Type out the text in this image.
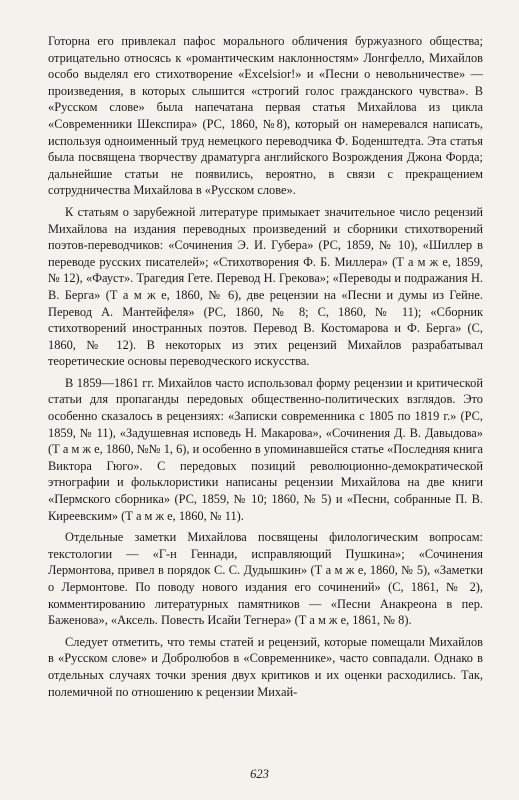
Готорна его привлекал пафос морального обличения буржуазного общества; отрицательно относясь к «романтическим наклонностям» Лонгфелло, Михайлов особо выделял его стихотворение «Excelsior!» и «Песни о невольничестве» — произведения, в которых слышится «строгий голос гражданского чувства». В «Русском слове» была напечатана первая статья Михайлова из цикла «Современники Шекспира» (РС, 1860, №8), который он намеревался написать, используя одноименный труд немецкого переводчика Ф. Боденштедта. Эта статья была посвящена творчеству драматурга английского Возрождения Джона Форда; дальнейшие статьи не появились, вероятно, в связи с прекращением сотрудничества Михайлова в «Русском слове».

К статьям о зарубежной литературе примыкает значительное число рецензий Михайлова на издания переводных произведений и сборники стихотворений поэтов-переводчиков: «Сочинения Э. И. Губера» (РС, 1859, № 10), «Шиллер в переводе русских писателей»; «Стихотворения Ф. Б. Миллера» (Т а м ж е, 1859, № 12), «Фауст». Трагедия Гете. Перевод Н. Грекова»; «Переводы и подражания Н. В. Берга» (Т а м ж е, 1860, № 6), две рецензии на «Песни и думы из Гейне. Перевод А. Мантейфеля» (РС, 1860, № 8; С, 1860, № 11); «Сборник стихотворений иностранных поэтов. Перевод В. Костомарова и Ф. Берга» (С, 1860, № 12). В некоторых из этих рецензий Михайлов разрабатывал теоретические основы переводческого искусства.

В 1859—1861 гг. Михайлов часто использовал форму рецензии и критической статьи для пропаганды передовых общественно-политических взглядов. Это особенно сказалось в рецензиях: «Записки современника с 1805 по 1819 г.» (РС, 1859, № 11), «Задушевная исповедь Н. Макарова», «Сочинения Д. В. Давыдова» (Т а м ж е, 1860, №№ 1, 6), и особенно в упоминавшейся статье «Последняя книга Виктора Гюго». С передовых позиций революционно-демократической этнографии и фольклористики написаны рецензии Михайлова на две книги «Пермского сборника» (РС, 1859, № 10; 1860, № 5) и «Песни, собранные П. В. Киреевским» (Т а м ж е, 1860, № 11).

Отдельные заметки Михайлова посвящены филологическим вопросам: текстологии — «Г-н Геннади, исправляющий Пушкина»; «Сочинения Лермонтова, привел в порядок С. С. Дудышкин» (Т а м ж е, 1860, № 5), «Заметки о Лермонтове. По поводу нового издания его сочинений» (С, 1861, № 2), комментированию литературных памятников — «Песни Анакреона в пер. Баженова», «Аксель. Повесть Исайи Тегнера» (Т а м ж е, 1861, № 8).

Следует отметить, что темы статей и рецензий, которые помещали Михайлов в «Русском слове» и Добролюбов в «Современнике», часто совпадали. Однако в отдельных случаях точки зрения двух критиков и их оценки расходились. Так, полемичной по отношению к рецензии Михай-

623
